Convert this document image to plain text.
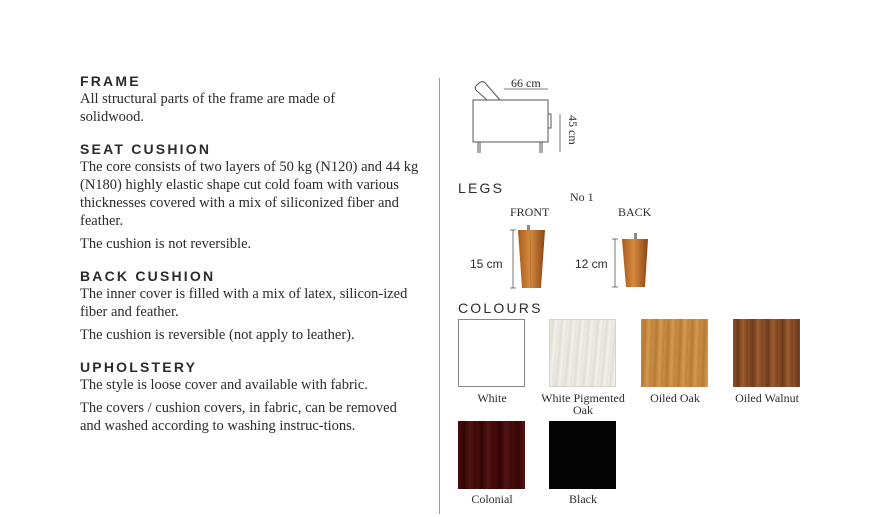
FRAME

All structural parts of the frame are made of solidwood.

SEAT CUSHION

The core consists of two layers of 50 kg (N120) and 44 kg (N180) highly elastic shape cut cold foam with various thicknesses covered with a mix of siliconized fiber and feather.

The cushion is not reversible.

BACK CUSHION

The inner cover is filled with a mix of latex, silicon-ized fiber and feather.

The cushion is reversible (not apply to leather).

UPHOLSTERY

The style is loose cover and available with fabric.

The covers / cushion covers, in fabric, can be removed and washed according to washing instruc-tions.

66 cm
45 cm
LEGS
No 1
FRONT	BACK
15 cm	12 cm
COLOURS
White	White Pigmented Oak
Oiled Oak	Oiled Walnut
Colonial	Black
